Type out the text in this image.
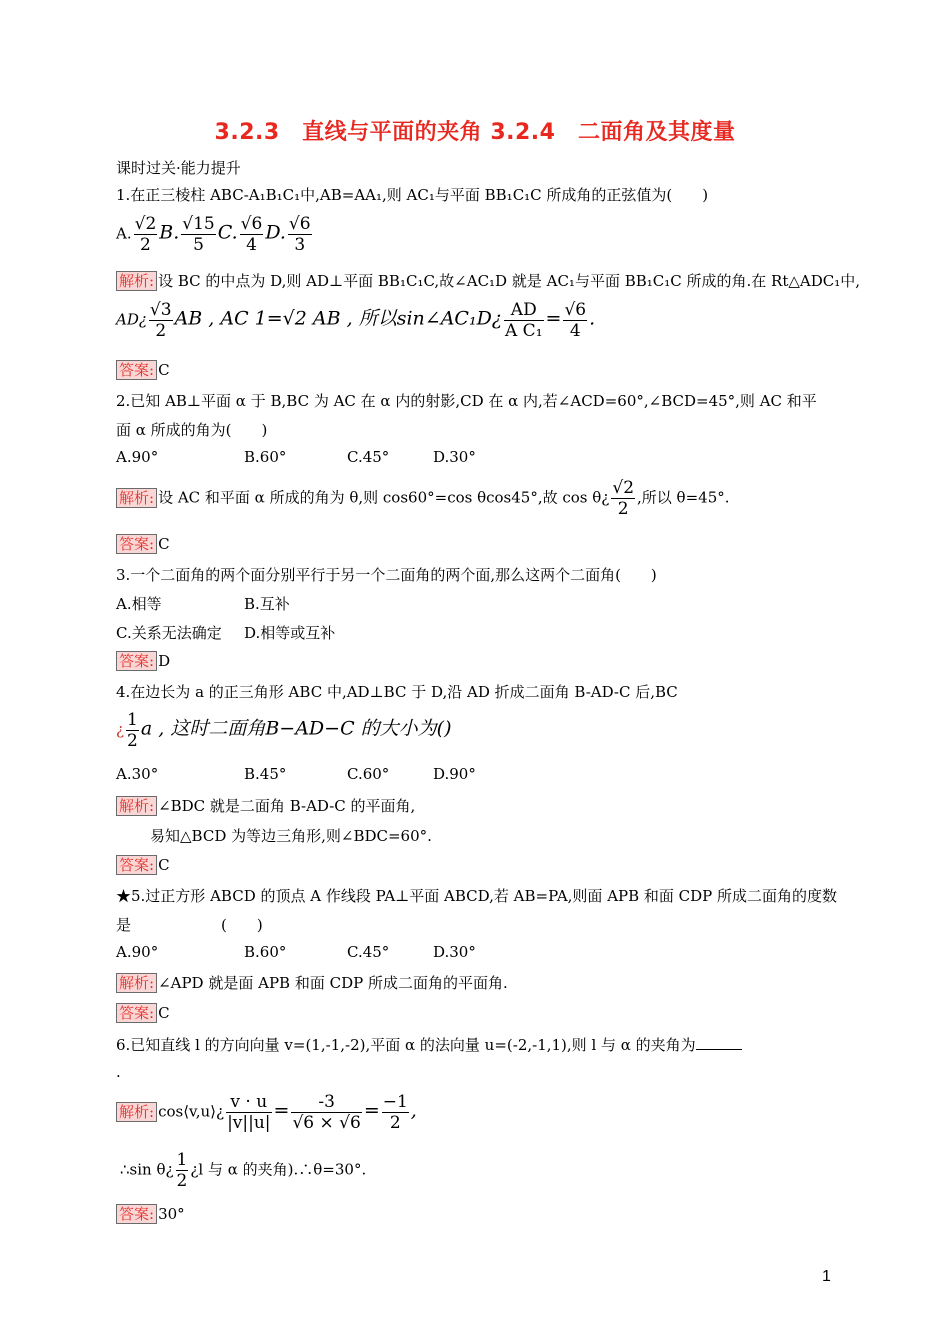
3.2.3　直线与平面的夹角 3.2.4　二面角及其度量
课时过关·能力提升
1.在正三棱柱 ABC-A₁B₁C₁中,AB=AA₁,则 AC₁与平面 BB₁C₁C 所成角的正弦值为(　　)
A. $\frac{√2}{2} B$. $\frac{√15}{5} C$. $\frac{√6}{4} D$. $\frac{√6}{3}$
解析: 设 BC 的中点为 D,则 AD⊥平面 BB₁C₁C,故∠AC₁D 就是 AC₁与平面 BB₁C₁C 所成的角.在 Rt△ADC₁中,
AD¿ $\frac{√3}{2}$ AB , AC 1=√2 AB , 所以sin∠AC₁D¿ $\frac{AD}{\text{A C₁}} = \frac{√6}{4}$ .
答案: C
2.已知 AB⊥平面 α 于 B,BC 为 AC 在 α 内的射影,CD 在 α 内,若∠ACD=60°,∠BCD=45°,则 AC 和平
面 α 所成的角为(　　)
A.90°	B.60°	C.45°	D.30°
解析: 设 AC 和平面 α 所成的角为 θ,则 cos60°=cos θcos45°,故 cos θ¿ $\frac{√2}{2}$ ,所以 θ=45°.
答案: C
3.一个二面角的两个面分别平行于另一个二面角的两个面,那么这两个二面角(　　)
A.相等	B.互补
C.关系无法确定 D.相等或互补
答案: D
4.在边长为 a 的正三角形 ABC 中,AD⊥BC 于 D,沿 AD 折成二面角 B-AD-C 后,BC
¿ $\frac{1}{2}$ a , 这时二面角B−AD−C 的大小为()
A.30°	B.45°	C.60°	D.90°
解析: ∠BDC 就是二面角 B-AD-C 的平面角,
易知△BCD 为等边三角形,则∠BDC=60°.
答案: C
★5.过正方形 ABCD 的顶点 A 作线段 PA⊥平面 ABCD,若 AB=PA,则面 APB 和面 CDP 所成二面角的度数
是　　　　　　(　　)
A.90°	B.60°	C.45°	D.30°
解析: ∠APD 就是面 APB 和面 CDP 所成二面角的平面角.
答案: C
6.已知直线 l 的方向向量 v=(1,-1,-2),平面 α 的法向量 u=(-2,-1,1),则 l 与 α 的夹角为
.
解析: cos⟨v,u⟩¿ $\frac{v \cdot u}{|v||u|} = \frac{-3}{√6 \times √6} = \frac{-1}{2}$ ,
∴sin θ¿ $\frac{1}{2}$ ¿l 与 α 的夹角).∴θ=30°.
答案: 30°
1
